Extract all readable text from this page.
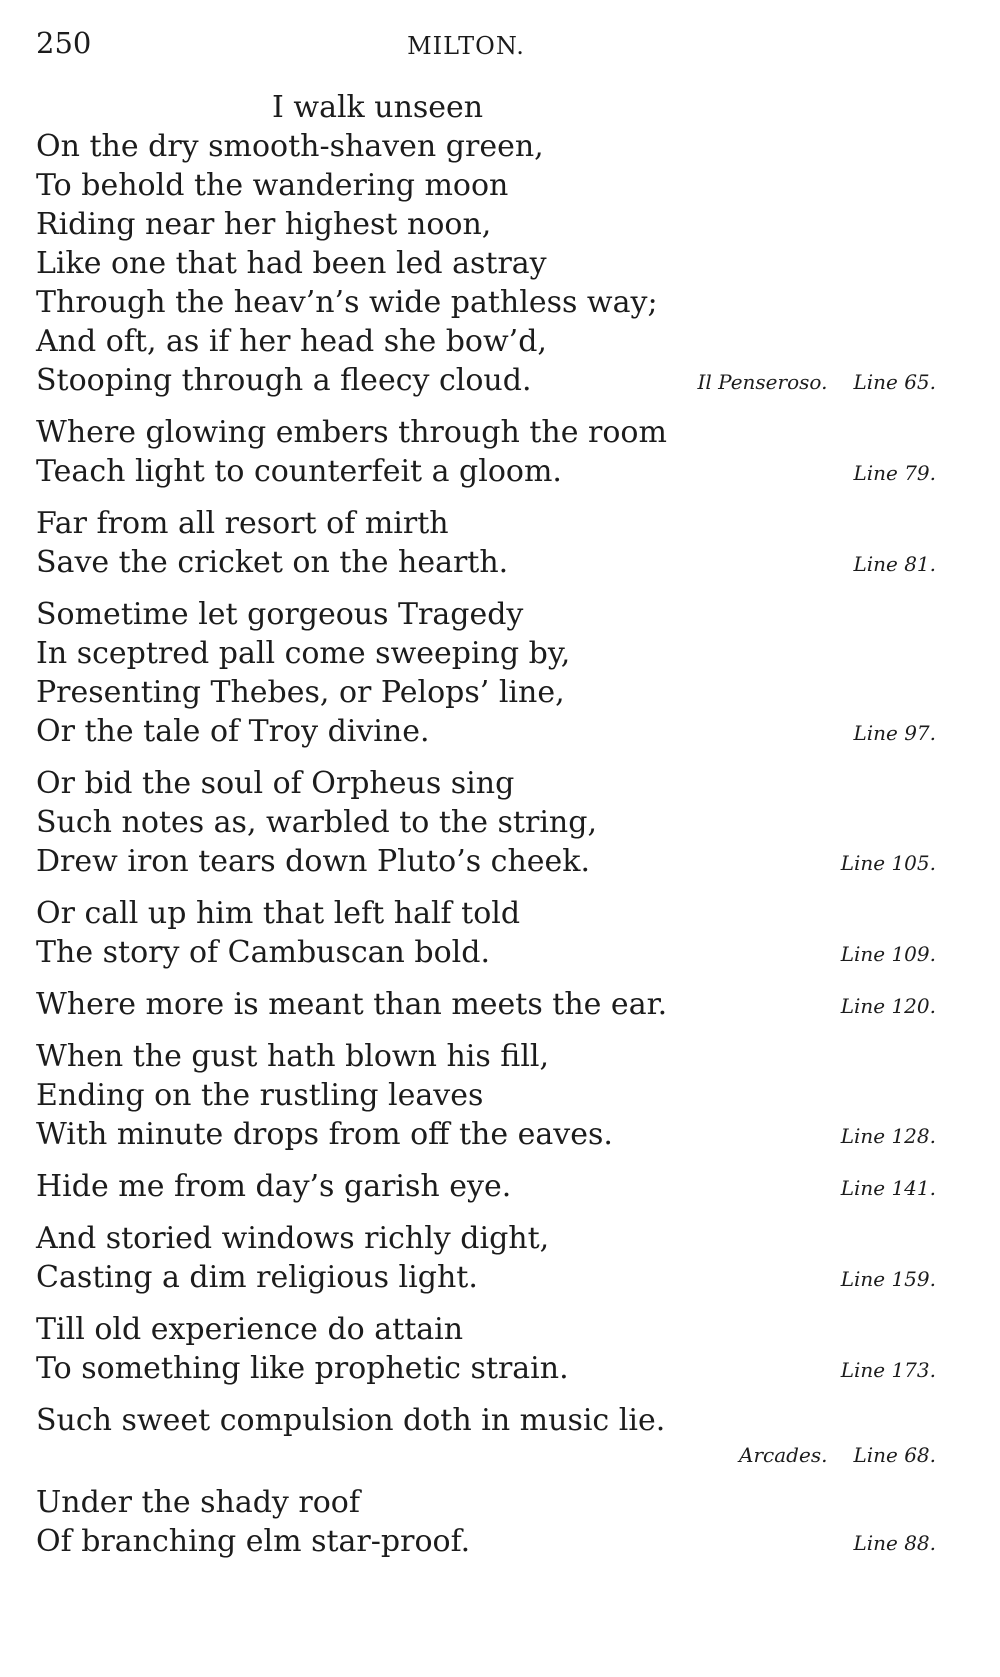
250	MILTON.
I walk unseen
On the dry smooth-shaven green,
To behold the wandering moon
Riding near her highest noon,
Like one that had been led astray
Through the heav’n’s wide pathless way;
And oft, as if her head she bow’d,
Stooping through a fleecy cloud.	Il Penseroso. Line 65.
Where glowing embers through the room
Teach light to counterfeit a gloom.	Line 79.
Far from all resort of mirth
Save the cricket on the hearth.	Line 81.
Sometime let gorgeous Tragedy
In sceptred pall come sweeping by,
Presenting Thebes, or Pelops’ line,
Or the tale of Troy divine.	Line 97.
Or bid the soul of Orpheus sing
Such notes as, warbled to the string,
Drew iron tears down Pluto’s cheek.	Line 105.
Or call up him that left half told
The story of Cambuscan bold.	Line 109.
Where more is meant than meets the ear.	Line 120.
When the gust hath blown his fill,
Ending on the rustling leaves
With minute drops from off the eaves.	Line 128.
Hide me from day’s garish eye.	Line 141.
And storied windows richly dight,
Casting a dim religious light.	Line 159.
Till old experience do attain
To something like prophetic strain.	Line 173.
Such sweet compulsion doth in music lie.
Arcades. Line 68.
Under the shady roof
Of branching elm star-proof.	Line 88.
